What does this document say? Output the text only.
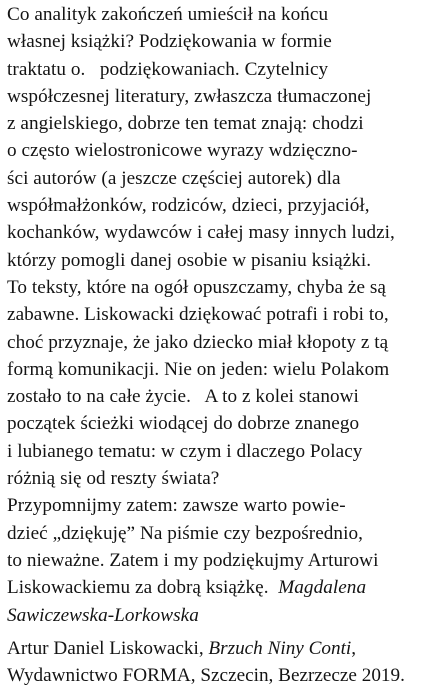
Co analityk zakończeń umieścił na końcu
własnej książki? Podziękowania w formie
traktatu o.   podziękowaniach. Czytelnicy
współczesnej literatury, zwłaszcza tłumaczonej
z angielskiego, dobrze ten temat znają: chodzi
o często wielostronicowe wyrazy wdzięczno-
ści autorów (a jeszcze częściej autorek) dla
współmałżonków, rodziców, dzieci, przyjaciół,
kochanków, wydawców i całej masy innych ludzi,
którzy pomogli danej osobie w pisaniu książki.
To teksty, które na ogół opuszczamy, chyba że są
zabawne. Liskowacki dziękować potrafi i robi to,
choć przyznaje, że jako dziecko miał kłopoty z tą
formą komunikacji. Nie on jeden: wielu Polakom
zostało to na całe życie.   A to z kolei stanowi
początek ścieżki wiodącej do dobrze znanego
i lubianego tematu: w czym i dlaczego Polacy
różnią się od reszty świata?
Przypomnijmy zatem: zawsze warto powie-
dzieć „dziękuję” Na piśmie czy bezpośrednio,
to nieważne. Zatem i my podziękujmy Arturowi
Liskowackiemu za dobrą książkę. Magdalena
Sawiczewska-Lorkowska
Artur Daniel Liskowacki, Brzuch Niny Conti,
Wydawnictwo FORMA, Szczecin, Bezrzecze 2019.
